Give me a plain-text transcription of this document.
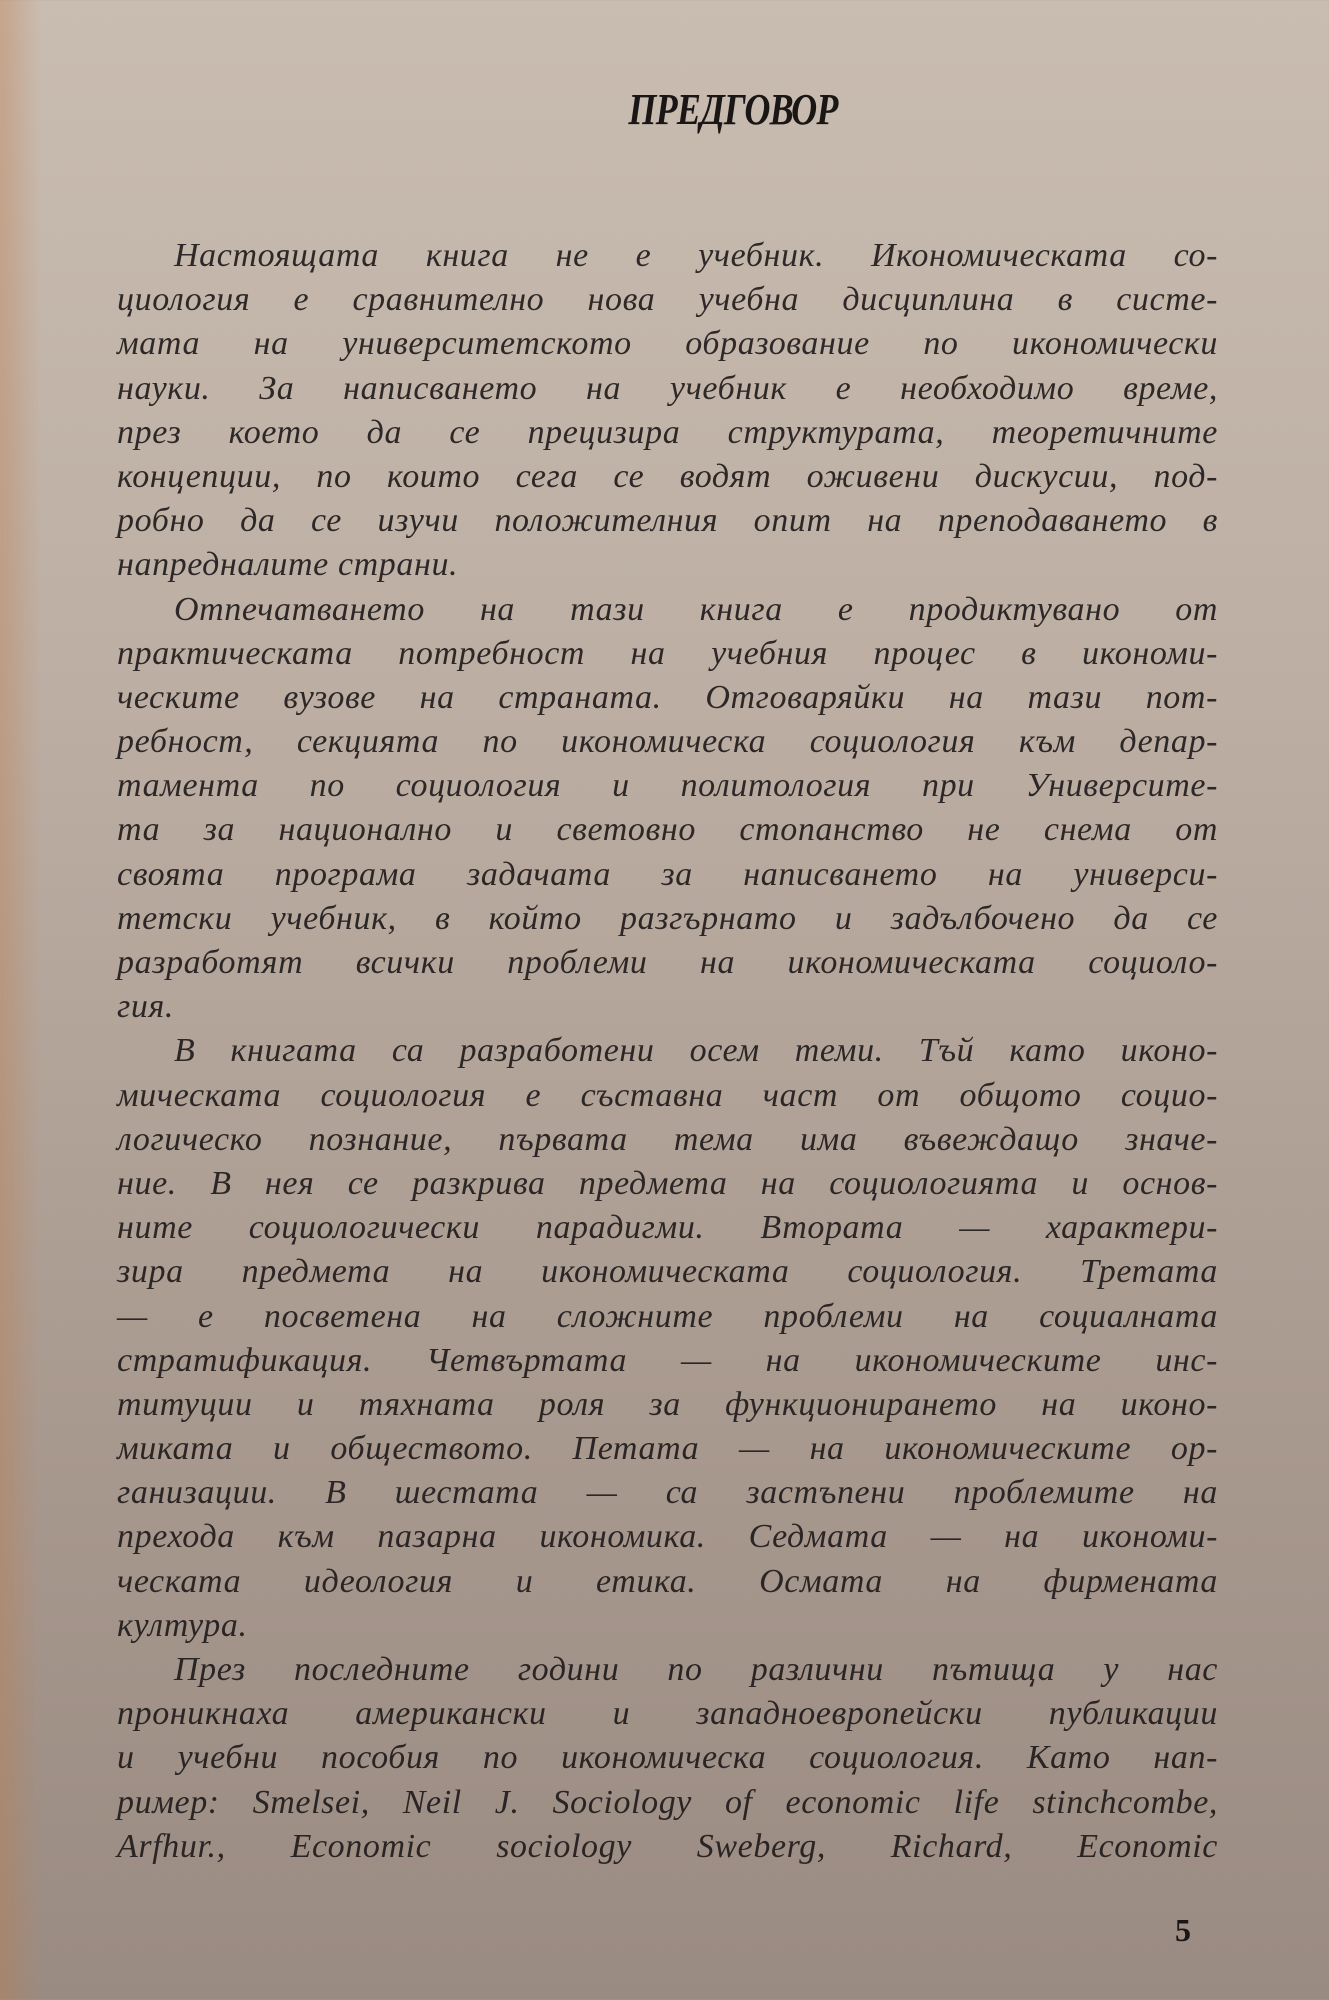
ПРЕДГОВОР
Настоящата книга не е учебник. Икономическата со-
циология е сравнително нова учебна дисциплина в систе-
мата на университетското образование по икономически
науки. За написването на учебник е необходимо време,
през което да се прецизира структурата, теоретичните
концепции, по които сега се водят оживени дискусии, под-
робно да се изучи положителния опит на преподаването в
напредналите страни.
Отпечатването на тази книга е продиктувано от
практическата потребност на учебния процес в икономи-
ческите вузове на страната. Отговаряйки на тази пот-
ребност, секцията по икономическа социология към депар-
тамента по социология и политология при Университе-
та за национално и световно стопанство не снема от
своята програма задачата за написването на универси-
тетски учебник, в който разгърнато и задълбочено да се
разработят всички проблеми на икономическата социоло-
гия.
В книгата са разработени осем теми. Тъй като иконо-
мическата социология е съставна част от общото социо-
логическо познание, първата тема има въвеждащо значе-
ние. В нея се разкрива предмета на социологията и основ-
ните социологически парадигми. Втората — характери-
зира предмета на икономическата социология. Третата
— е посветена на сложните проблеми на социалната
стратификация. Четвъртата — на икономическите инс-
титуции и тяхната роля за функционирането на иконо-
миката и обществото. Петата — на икономическите ор-
ганизации. В шестата — са застъпени проблемите на
прехода към пазарна икономика. Седмата — на икономи-
ческата идеология и етика. Осмата на фирмената
култура.
През последните години по различни пътища у нас
проникнаха американски и западноевропейски публикации
и учебни пособия по икономическа социология. Като нап-
ример: Smelsei, Neil J. Sociology of economic life stinchcombe,
Arfhur., Economic sociology Sweberg, Richard, Economic
5
